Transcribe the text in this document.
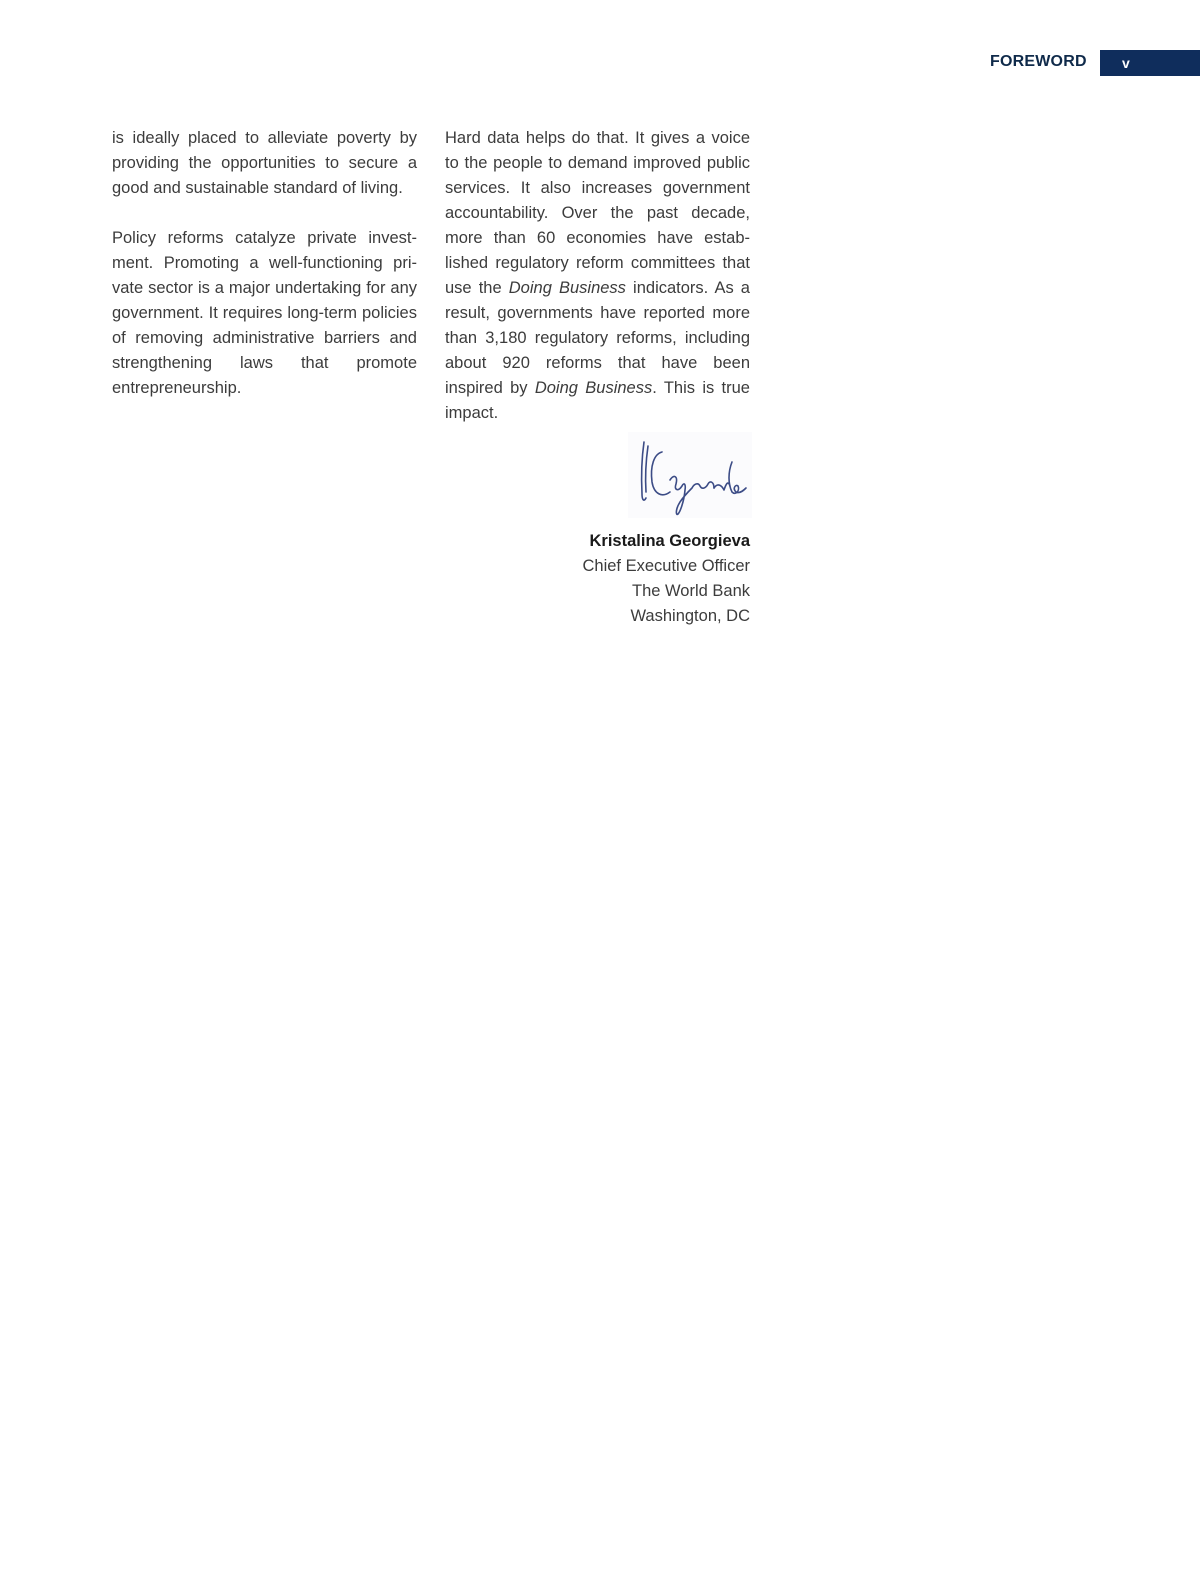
FOREWORD	v

is ideally placed to alleviate poverty by providing the opportunities to secure a good and sustainable standard of living.

Policy reforms catalyze private investment. Promoting a well-functioning private sector is a major undertaking for any government. It requires long-term policies of removing administrative barriers and strengthening laws that promote entrepreneurship.

Hard data helps do that. It gives a voice to the people to demand improved public services. It also increases government accountability. Over the past decade, more than 60 economies have established regulatory reform committees that use the Doing Business indicators. As a result, governments have reported more than 3,180 regulatory reforms, including about 920 reforms that have been inspired by Doing Business. This is true impact.

Kristalina Georgieva
Chief Executive Officer
The World Bank
Washington, DC
